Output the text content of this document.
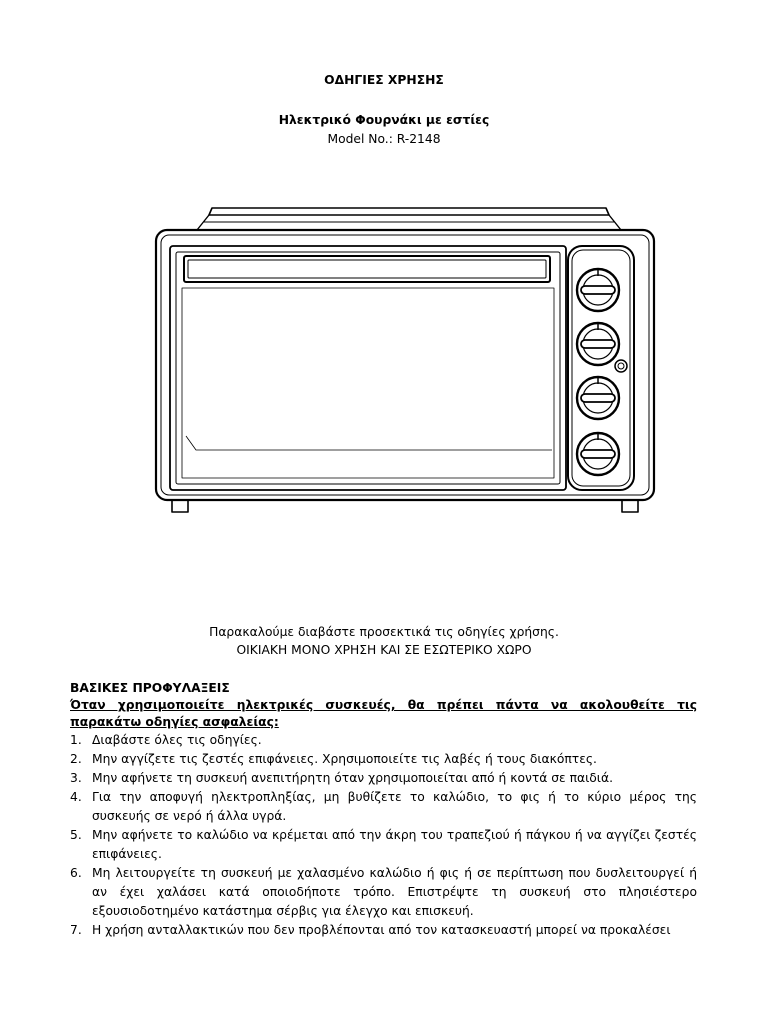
ΟΔΗΓΙΕΣ ΧΡΗΣΗΣ
Ηλεκτρικό Φουρνάκι με εστίες
Model No.: R-2148
Παρακαλούμε διαβάστε προσεκτικά τις οδηγίες χρήσης.
ΟΙΚΙΑΚΗ ΜΟΝΟ ΧΡΗΣΗ ΚΑΙ ΣΕ ΕΣΩΤΕΡΙΚΟ ΧΩΡΟ
ΒΑΣΙΚΕΣ ΠΡΟΦΥΛΑΞΕΙΣ
Όταν χρησιμοποιείτε ηλεκτρικές συσκευές, θα πρέπει πάντα να ακολουθείτε τις παρακάτω οδηγίες ασφαλείας:
1. Διαβάστε όλες τις οδηγίες.
2. Μην αγγίζετε τις ζεστές επιφάνειες. Χρησιμοποιείτε τις λαβές ή τους διακόπτες.
3. Μην αφήνετε τη συσκευή ανεπιτήρητη όταν χρησιμοποιείται από ή κοντά σε παιδιά.
4. Για την αποφυγή ηλεκτροπληξίας, μη βυθίζετε το καλώδιο, το φις ή το κύριο μέρος της συσκευής σε νερό ή άλλα υγρά.
5. Μην αφήνετε το καλώδιο να κρέμεται από την άκρη του τραπεζιού ή πάγκου ή να αγγίζει ζεστές επιφάνειες.
6. Μη λειτουργείτε τη συσκευή με χαλασμένο καλώδιο ή φις ή σε περίπτωση που δυσλειτουργεί ή αν έχει χαλάσει κατά οποιοδήποτε τρόπο. Επιστρέψτε τη συσκευή στο πλησιέστερο εξουσιοδοτημένο κατάστημα σέρβις για έλεγχο και επισκευή.
7. Η χρήση ανταλλακτικών που δεν προβλέπονται από τον κατασκευαστή μπορεί να προκαλέσει
